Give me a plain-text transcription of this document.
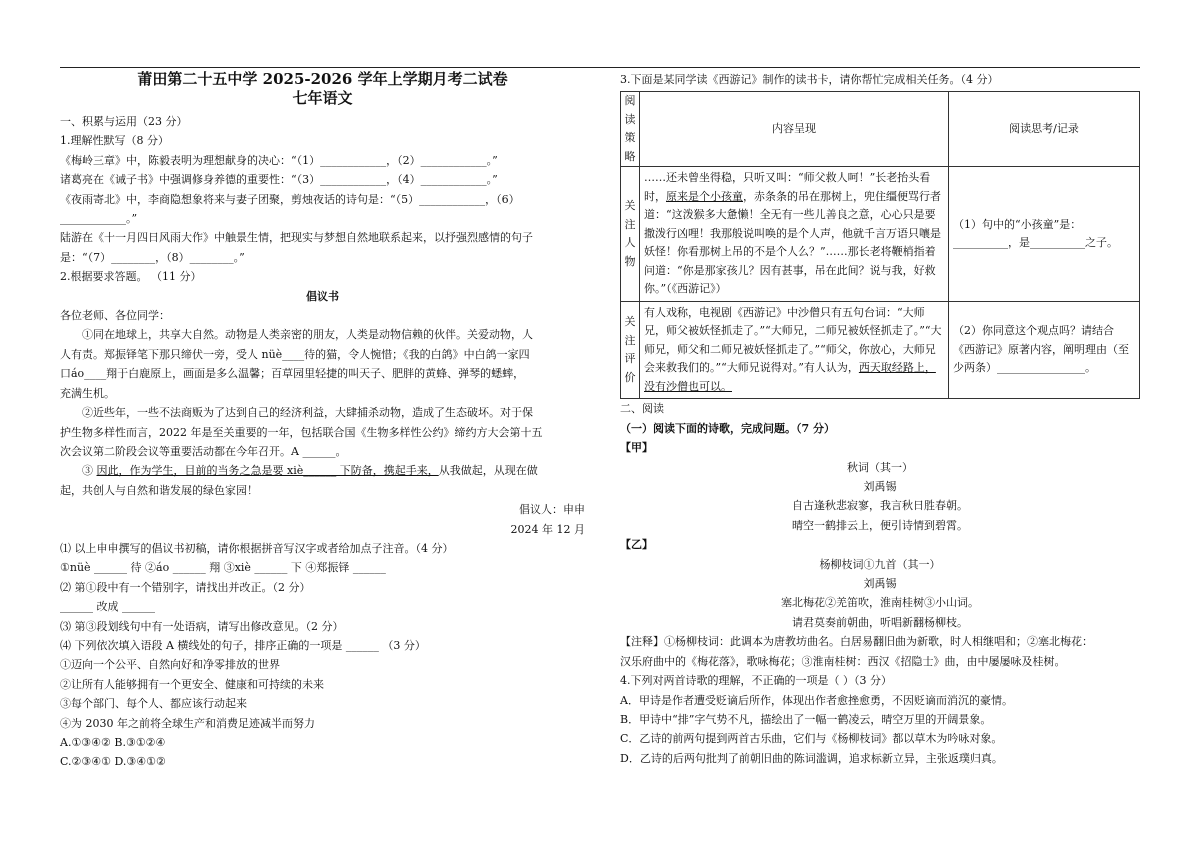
莆田第二十五中学 2025-2026 学年上学期月考二试卷
七年语文
一、积累与运用（23 分）
1.理解性默写（8 分）
《梅岭三章》中，陈毅表明为理想献身的决心：“（1）____________，（2）____________。”
诸葛亮在《诫子书》中强调修身养德的重要性：“（3）____________，（4）____________。”
《夜雨寄北》中，李商隐想象将来与妻子团聚，剪烛夜话的诗句是：“（5）____________，（6）
____________。”
陆游在《十一月四日风雨大作》中触景生情，把现实与梦想自然地联系起来，以抒强烈感情的句子
是：“（7）________，（8）________。”
2.根据要求答题。 （11 分）
倡议书
各位老师、各位同学：
①同在地球上，共享大自然。动物是人类亲密的朋友，人类是动物信赖的伙伴。关爱动物，人
人有责。郑振铎笔下那只缔伏一旁，受人 nüè____待的猫，令人惋惜；《我的白鸽》中白鸽一家四
口áo____翔于白鹿原上，画面是多么温馨；百草园里轻捷的叫天子、肥胖的黄蜂、弹琴的蟋蟀，
充满生机。
②近些年，一些不法商贩为了达到自己的经济利益，大肆捕杀动物，造成了生态破坏。对于保
护生物多样性而言，2022 年是至关重要的一年，包括联合国《生物多样性公约》缔约方大会第十五
次会议第二阶段会议等重要活动都在今年召开。A ______。
③ 因此，作为学生，目前的当务之急是要 xiè______ 下防备，携起手来，从我做起，从现在做
起，共创人与自然和谐发展的绿色家园！
倡议人：申申
2024 年 12 月
⑴ 以上申申撰写的倡议书初稿，请你根据拼音写汉字或者给加点子注音。（4 分）
①nüè ______ 待 ②áo ______ 翔 ③xiè ______ 下 ④郑振铎 ______
⑵ 第①段中有一个错别字，请找出并改正。（2 分）
______ 改成 ______
⑶ 第③段划线句中有一处语病，请写出修改意见。（2 分）
⑷ 下列依次填入语段 A 横线处的句子，排序正确的一项是 ______ （3 分）
①迈向一个公平、自然向好和净零排放的世界
②让所有人能够拥有一个更安全、健康和可持续的未来
③每个部门、每个人、都应该行动起来
④为 2030 年之前将全球生产和消费足迹减半而努力
A.①③④② B.③①②④
C.②③④① D.③④①②
3.下面是某同学读《西游记》制作的读书卡，请你帮忙完成相关任务。（4 分）
阅读策略	内容呈现	阅读思考/记录
关注人物	……还未曾坐得稳，只听又叫：“师父救人呵！”长老抬头看时，原来是个小孩童，赤条条的吊在那树上，兜住缰便骂行者道：“这泼猴多大惫懒！全无有一些儿善良之意，心心只是要撒泼行凶哩！我那般说叫唤的是个人声，他就千言万语只嚷是妖怪！你看那树上吊的不是个人么？”……那长老将鞭梢指着问道：“你是那家孩儿？因有甚事，吊在此间？说与我，好救你。”（《西游记》）	（1）句中的“小孩童”是：__________，是__________之子。
关注评价	有人戏称，电视剧《西游记》中沙僧只有五句台词：“大师兄，师父被妖怪抓走了。”“大师兄，二师兄被妖怪抓走了。”“大师兄，师父和二师兄被妖怪抓走了。”“师父，你放心，大师兄会来救我们的。”“大师兄说得对。”有人认为，西天取经路上，没有沙僧也可以。	（2）你同意这个观点吗？请结合《西游记》原著内容，阐明理由（至少两条）________________。
二、阅读
（一）阅读下面的诗歌，完成问题。（7 分）
【甲】
秋词（其一）
刘禹锡
自古逢秋悲寂寥，我言秋日胜春朝。
晴空一鹤排云上，便引诗情到碧霄。
【乙】
杨柳枝词①九首（其一）
刘禹锡
塞北梅花②羌笛吹，淮南桂树③小山词。
请君莫奏前朝曲，听唱新翻杨柳枝。
【注释】①杨柳枝词：此调本为唐教坊曲名。白居易翻旧曲为新歌，时人相继唱和；②塞北梅花：
汉乐府曲中的《梅花落》，歌咏梅花；③淮南桂树：西汉《招隐士》曲，由中屡屡咏及桂树。
4.下列对两首诗歌的理解，不正确的一项是（ ）（3 分）
A．甲诗是作者遭受贬谪后所作，体现出作者愈挫愈勇，不因贬谪而消沉的豪情。
B．甲诗中“排”字气势不凡，描绘出了一幅一鹤凌云，晴空万里的开阔景象。
C．乙诗的前两句提到两首古乐曲，它们与《杨柳枝词》都以草木为吟咏对象。
D．乙诗的后两句批判了前朝旧曲的陈词滥调，追求标新立异，主张返璞归真。
